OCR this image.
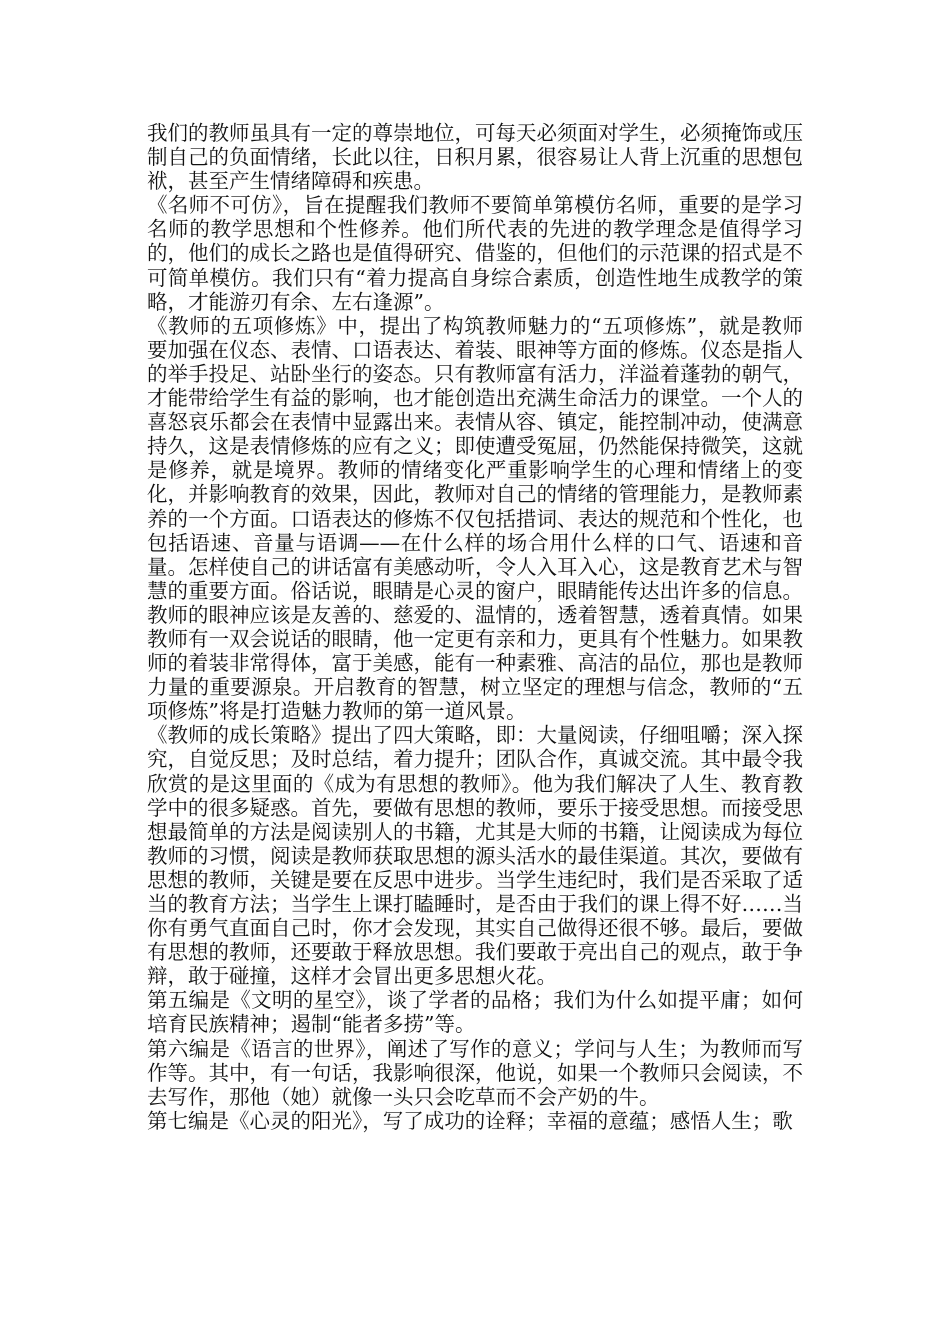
我们的教师虽具有一定的尊崇地位，可每天必须面对学生，必须掩饰或压制自己的负面情绪，长此以往，日积月累，很容易让人背上沉重的思想包袱，甚至产生情绪障碍和疾患。

《名师不可仿》，旨在提醒我们教师不要简单第模仿名师，重要的是学习名师的教学思想和个性修养。他们所代表的先进的教学理念是值得学习的，他们的成长之路也是值得研究、借鉴的，但他们的示范课的招式是不可简单模仿。我们只有“着力提高自身综合素质，创造性地生成教学的策略，才能游刃有余、左右逢源”。

《教师的五项修炼》中，提出了构筑教师魅力的“五项修炼”，就是教师要加强在仪态、表情、口语表达、着装、眼神等方面的修炼。仪态是指人的举手投足、站卧坐行的姿态。只有教师富有活力，洋溢着蓬勃的朝气，才能带给学生有益的影响，也才能创造出充满生命活力的课堂。一个人的喜怒哀乐都会在表情中显露出来。表情从容、镇定，能控制冲动，使满意持久，这是表情修炼的应有之义；即使遭受冤屈，仍然能保持微笑，这就是修养，就是境界。教师的情绪变化严重影响学生的心理和情绪上的变化，并影响教育的效果，因此，教师对自己的情绪的管理能力，是教师素养的一个方面。口语表达的修炼不仅包括措词、表达的规范和个性化，也包括语速、音量与语调——在什么样的场合用什么样的口气、语速和音量。怎样使自己的讲话富有美感动听，令人入耳入心，这是教育艺术与智慧的重要方面。俗话说，眼睛是心灵的窗户，眼睛能传达出许多的信息。教师的眼神应该是友善的、慈爱的、温情的，透着智慧，透着真情。如果教师有一双会说话的眼睛，他一定更有亲和力，更具有个性魅力。如果教师的着装非常得体，富于美感，能有一种素雅、高洁的品位，那也是教师力量的重要源泉。开启教育的智慧，树立坚定的理想与信念，教师的“五项修炼”将是打造魅力教师的第一道风景。

《教师的成长策略》提出了四大策略，即：大量阅读，仔细咀嚼；深入探究，自觉反思；及时总结，着力提升；团队合作，真诚交流。其中最令我欣赏的是这里面的《成为有思想的教师》。他为我们解决了人生、教育教学中的很多疑惑。首先，要做有思想的教师，要乐于接受思想。而接受思想最简单的方法是阅读别人的书籍，尤其是大师的书籍，让阅读成为每位教师的习惯，阅读是教师获取思想的源头活水的最佳渠道。其次，要做有思想的教师，关键是要在反思中进步。当学生违纪时，我们是否采取了适当的教育方法；当学生上课打瞌睡时，是否由于我们的课上得不好……当你有勇气直面自己时，你才会发现，其实自己做得还很不够。最后，要做有思想的教师，还要敢于释放思想。我们要敢于亮出自己的观点，敢于争辩，敢于碰撞，这样才会冒出更多思想火花。

第五编是《文明的星空》，谈了学者的品格；我们为什么如提平庸；如何培育民族精神；遏制“能者多捞”等。

第六编是《语言的世界》，阐述了写作的意义；学问与人生；为教师而写作等。其中，有一句话，我影响很深，他说，如果一个教师只会阅读，不去写作，那他（她）就像一头只会吃草而不会产奶的牛。

第七编是《心灵的阳光》，写了成功的诠释；幸福的意蕴；感悟人生；歌
